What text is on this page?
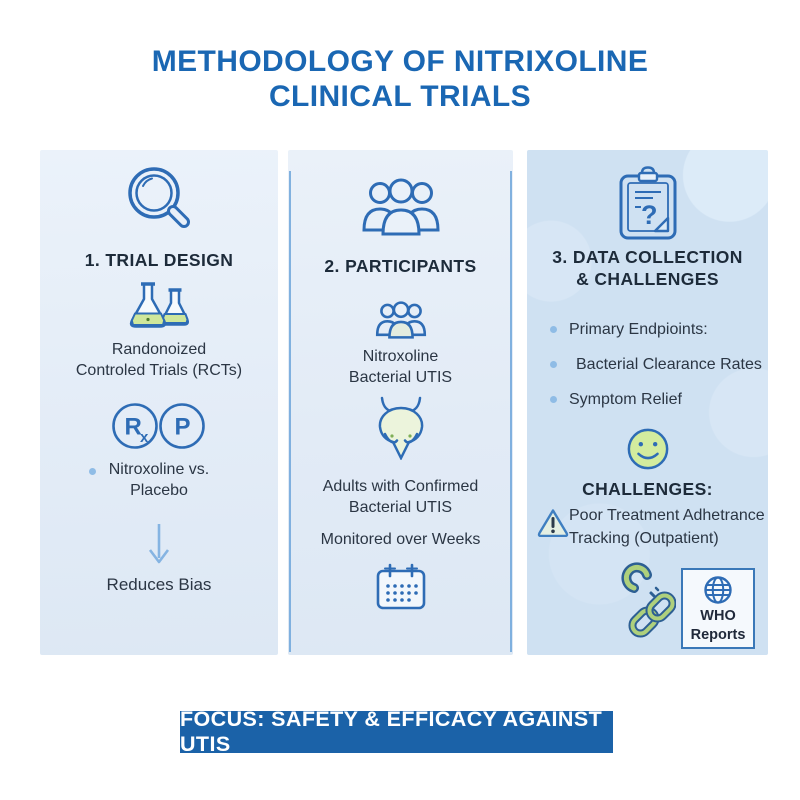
METHODOLOGY OF NITRIXOLINE
CLINICAL TRIALS
1. TRIAL DESIGN
Randonoized
Controled Trials (RCTs)
R
x P
Nitroxoline vs.
Placebo
Reduces Bias
2. PARTICIPANTS
Nitroxoline
Bacterial UTIS
Adults with Confirmed
Bacterial UTIS
Monitored over Weeks
?
3. DATA COLLECTION
& CHALLENGES
Primary Endpioints:
Bacterial Clearance Rates
Symptom Relief
CHALLENGES:
Poor Treatment Adhetrance
Tracking (Outpatient)
WHO
Reports
FOCUS: SAFETY & EFFICACY AGAINST UTIS
